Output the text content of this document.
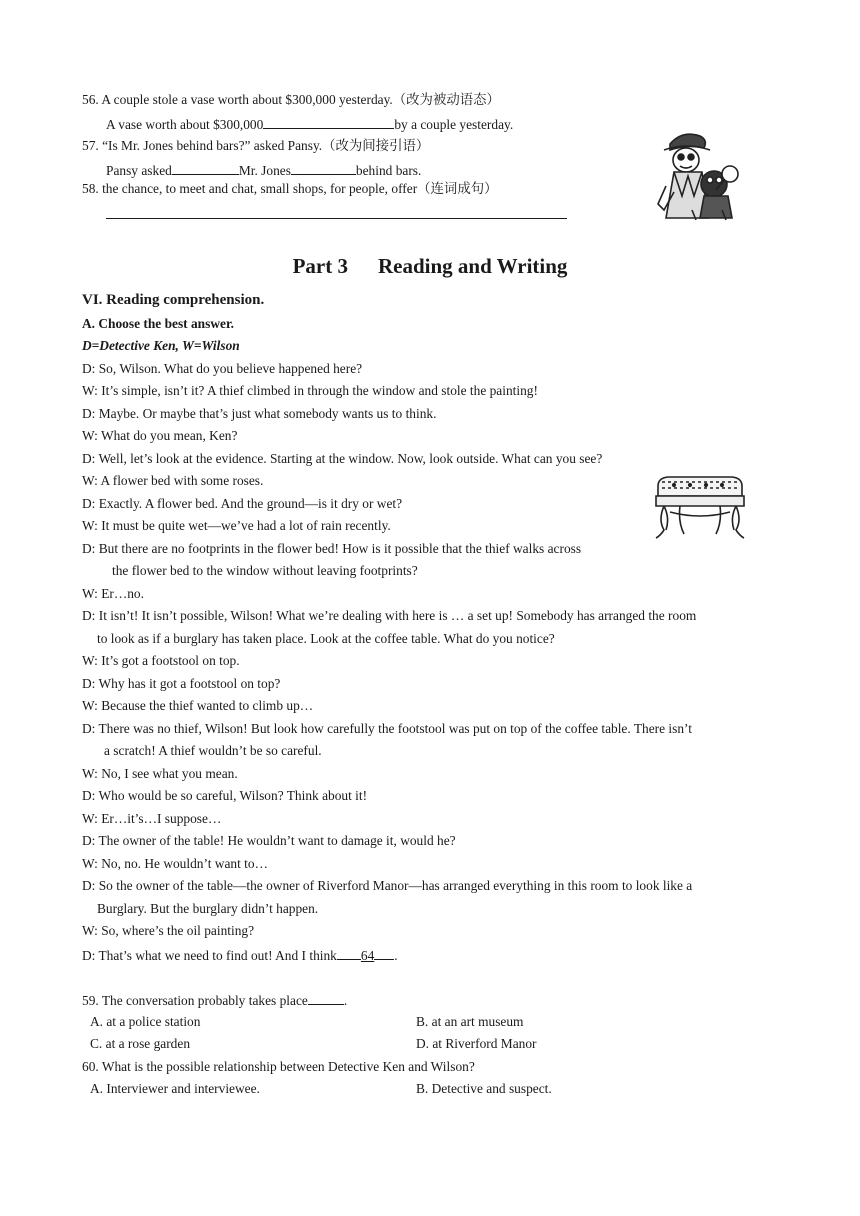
56. A couple stole a vase worth about $300,000 yesterday.（改为被动语态）
A vase worth about $300,000	by a couple yesterday.
57. “Is Mr. Jones behind bars?” asked Pansy.（改为间接引语）
Pansy asked	Mr. Jones	behind bars.
58. the chance, to meet and chat, small shops, for people, offer（连词成句）
Part 3 Reading and Writing
VI. Reading comprehension.
A. Choose the best answer.
D=Detective Ken, W=Wilson
D: So, Wilson. What do you believe happened here?
W: It’s simple, isn’t it? A thief climbed in through the window and stole the painting!
D: Maybe. Or maybe that’s just what somebody wants us to think.
W: What do you mean, Ken?
D: Well, let’s look at the evidence. Starting at the window. Now, look outside. What can you see?
W: A flower bed with some roses.
D: Exactly. A flower bed. And the ground—is it dry or wet?
W: It must be quite wet—we’ve had a lot of rain recently.
D: But there are no footprints in the flower bed! How is it possible that the thief walks across
the flower bed to the window without leaving footprints?
W: Er…no.
D: It isn’t! It isn’t possible, Wilson! What we’re dealing with here is … a set up! Somebody has arranged the room
to look as if a burglary has taken place. Look at the coffee table. What do you notice?
W: It’s got a footstool on top.
D: Why has it got a footstool on top?
W: Because the thief wanted to climb up…
D: There was no thief, Wilson! But look how carefully the footstool was put on top of the coffee table. There isn’t
a scratch! A thief wouldn’t be so careful.
W: No, I see what you mean.
D: Who would be so careful, Wilson? Think about it!
W: Er…it’s…I suppose…
D: The owner of the table! He wouldn’t want to damage it, would he?
W: No, no. He wouldn’t want to…
D: So the owner of the table—the owner of Riverford Manor—has arranged everything in this room to look like a
Burglary. But the burglary didn’t happen.
W: So, where’s the oil painting?
D: That’s what we need to find out! And I think 64 .
59. The conversation probably takes place	.
A. at a police station	B. at an art museum
C. at a rose garden	D. at Riverford Manor
60. What is the possible relationship between Detective Ken and Wilson?
A. Interviewer and interviewee.	B. Detective and suspect.
